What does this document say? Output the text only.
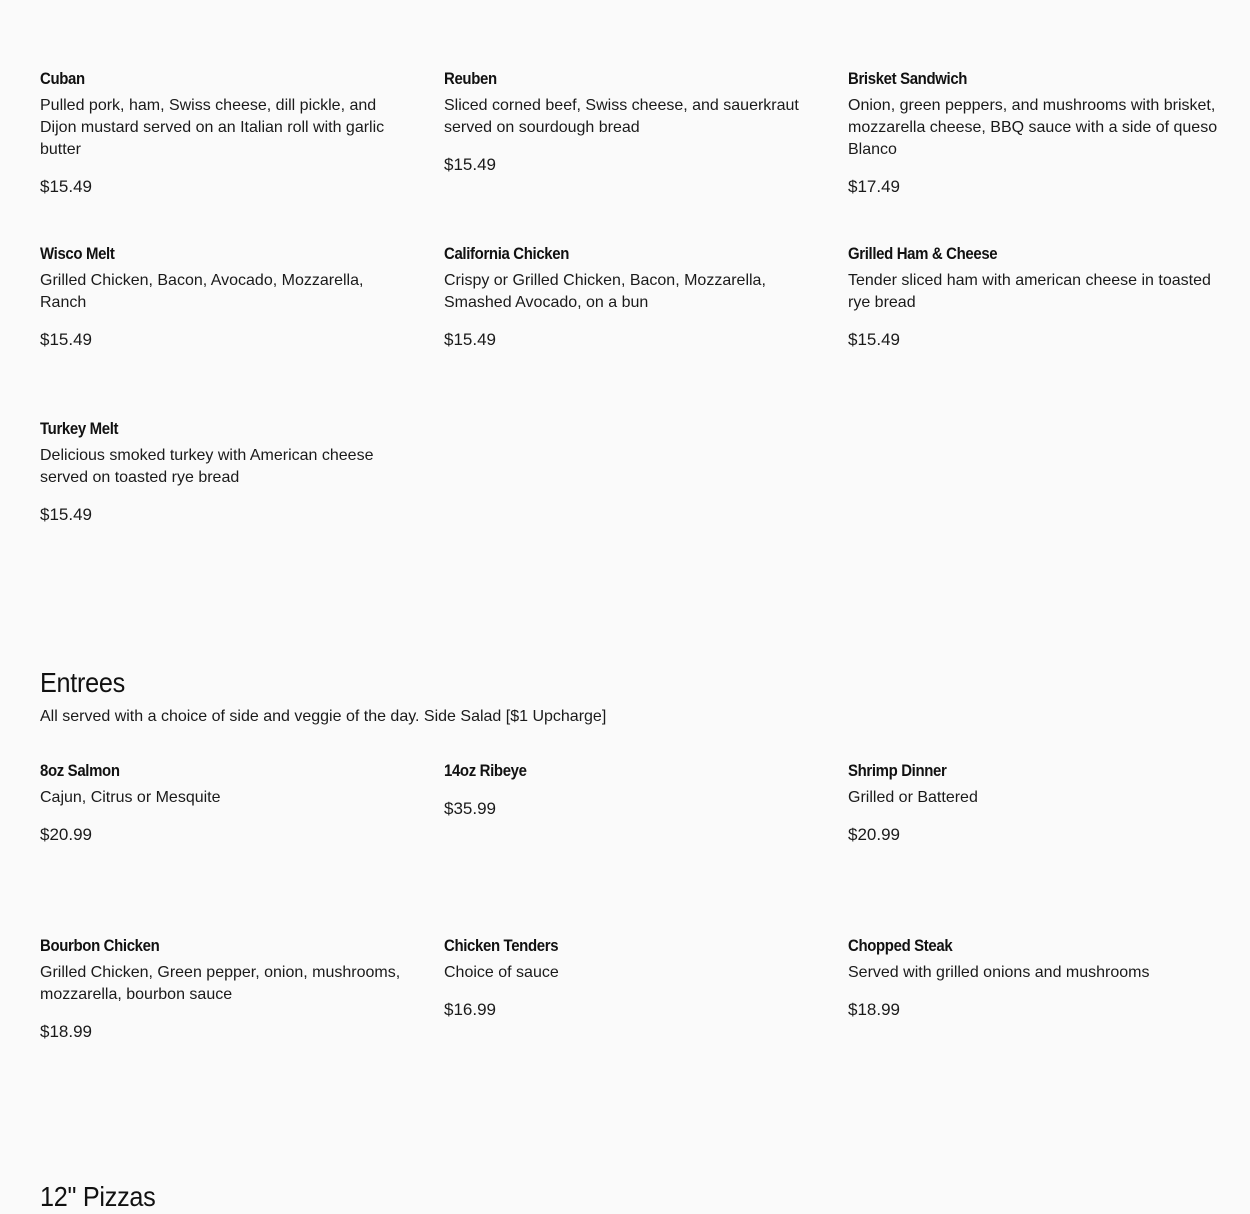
Cuban
Pulled pork, ham, Swiss cheese, dill pickle, and Dijon mustard served on an Italian roll with garlic butter
$15.49
Reuben
Sliced corned beef, Swiss cheese, and sauerkraut served on sourdough bread
$15.49
Brisket Sandwich
Onion, green peppers, and mushrooms with brisket, mozzarella cheese, BBQ sauce with a side of queso Blanco
$17.49
Wisco Melt
Grilled Chicken, Bacon, Avocado, Mozzarella, Ranch
$15.49
California Chicken
Crispy or Grilled Chicken, Bacon, Mozzarella, Smashed Avocado, on a bun
$15.49
Grilled Ham & Cheese
Tender sliced ham with american cheese in toasted rye bread
$15.49
Turkey Melt
Delicious smoked turkey with American cheese served on toasted rye bread
$15.49
Entrees
All served with a choice of side and veggie of the day. Side Salad [$1 Upcharge]
8oz Salmon
Cajun, Citrus or Mesquite
$20.99
14oz Ribeye
$35.99
Shrimp Dinner
Grilled or Battered
$20.99
Bourbon Chicken
Grilled Chicken, Green pepper, onion, mushrooms, mozzarella, bourbon sauce
$18.99
Chicken Tenders
Choice of sauce
$16.99
Chopped Steak
Served with grilled onions and mushrooms
$18.99
12" Pizzas
